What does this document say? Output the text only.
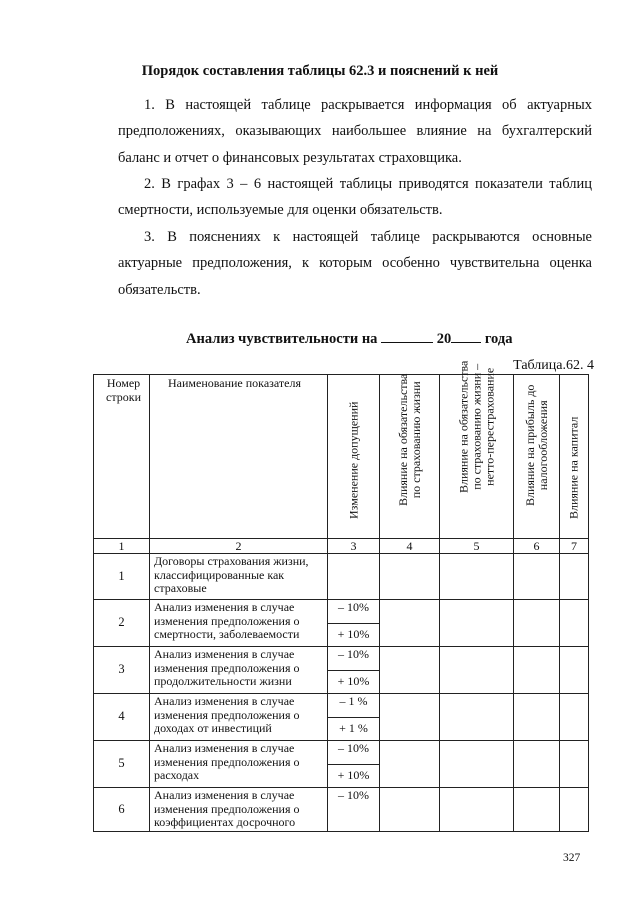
Порядок составления таблицы 62.3 и пояснений к ней

1. В настоящей таблице раскрывается информация об актуарных предположениях, оказывающих наибольшее влияние на бухгалтерский баланс и отчет о финансовых результатах страховщика.

2. В графах 3 – 6 настоящей таблицы приводятся показатели таблиц смертности, используемые для оценки обязательств.

3. В пояснениях к настоящей таблице раскрываются основные актуарные предположения, к которым особенно чувствительна оценка обязательств.

Анализ чувствительности на	20 года
Таблица.62. 4
Номер строки	Наименование показателя	Изменение допущений	Влияние на обязательства
по страхованию жизни	Влияние на обязательства
по страхованию жизни –
нетто-перестрахование	Влияние на прибыль до
налогообложения	Влияние на капитал

1	2	3	4	5	6	7
1	Договоры страхования жизни, классифицированные как страховые					
2	Анализ изменения в случае изменения предположения о смертности, заболеваемости	– 10%				
		+ 10%				
3	Анализ изменения в случае изменения предположения о продолжительности жизни	– 10%				
		+ 10%				
4	Анализ изменения в случае изменения предположения о доходах от инвестиций	– 1 %				
		+ 1 %				
5	Анализ изменения в случае изменения предположения о расходах	– 10%				
		+ 10%				
6	Анализ изменения в случае изменения предположения о коэффициентах досрочного	– 10%				
327
